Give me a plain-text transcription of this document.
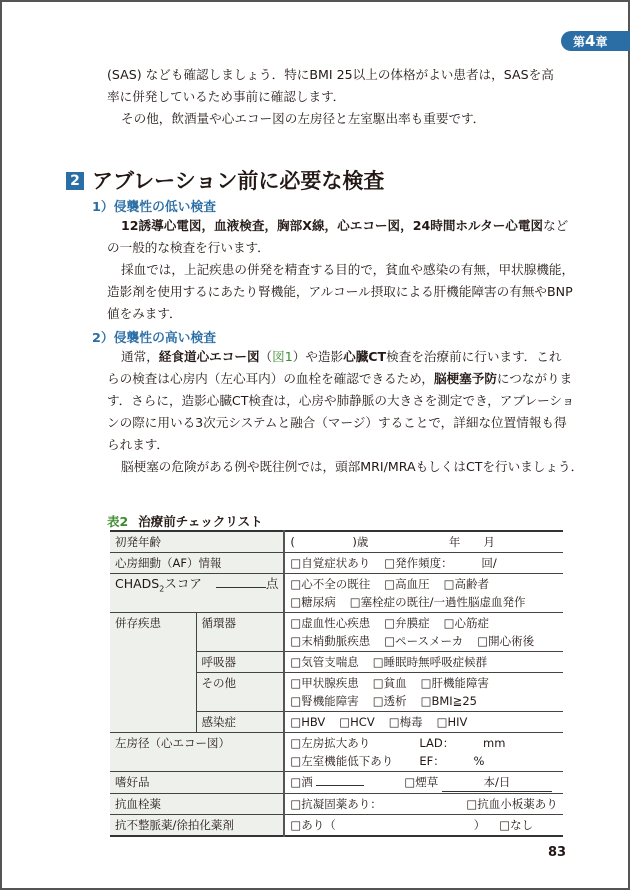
第4章
(SAS) なども確認しましょう．特にBMI 25以上の体格がよい患者は，SASを高
率に併発しているため事前に確認します．
その他，飲酒量や心エコー図の左房径と左室駆出率も重要です．
2 アブレーション前に必要な検査
1）侵襲性の低い検査
12誘導心電図，血液検査，胸部X線，心エコー図，24時間ホルター心電図など
の一般的な検査を行います．
採血では，上記疾患の併発を精査する目的で，貧血や感染の有無，甲状腺機能，
造影剤を使用するにあたり腎機能，アルコール摂取による肝機能障害の有無やBNP
値をみます．
2）侵襲性の高い検査
通常，経食道心エコー図（図1）や造影心臓CT検査を治療前に行います．これ
らの検査は心房内（左心耳内）の血栓を確認できるため，脳梗塞予防につながりま
す．さらに，造影心臓CT検査は，心房や肺静脈の大きさを測定でき，アブレーショ
ンの際に用いる3次元システムと融合（マージ）することで，詳細な位置情報も得
られます．
脳梗塞の危険がある例や既往例では，頭部MRI/MRAもしくはCTを行いましょう．
表2 治療前チェックリスト
初発年齢		(　　　　　)歳　　　　　　　年　　月
心房細動（AF）情報		□自覚症状あり □発作頻度：　　　回/
$CHADS_2$スコア 点		□心不全の既往 □高血圧 □高齢者
□糖尿病 □塞栓症の既往/一過性脳虚血発作

併存疾患	循環器	□虚血性心疾患 □弁膜症 □心筋症
□末梢動脈疾患 □ペースメーカ □開心術後

	呼吸器	□気管支喘息 □睡眠時無呼吸症候群
	その他	□甲状腺疾患 □貧血 □肝機能障害
□腎機能障害 □透析 □BMI≧25

	感染症	□HBV □HCV □梅毒 □HIV
左房径（心エコー図）		□左房拡大あり LAD：　　　mm
□左室機能低下あり EF：　　　%

嗜好品		□酒 □煙草 本/日
抗血栓薬		□抗凝固薬あり： □抗血小板薬あり
抗不整脈薬/徐拍化薬剤		□あり（　　　　　　　　　　　　） □なし
83
